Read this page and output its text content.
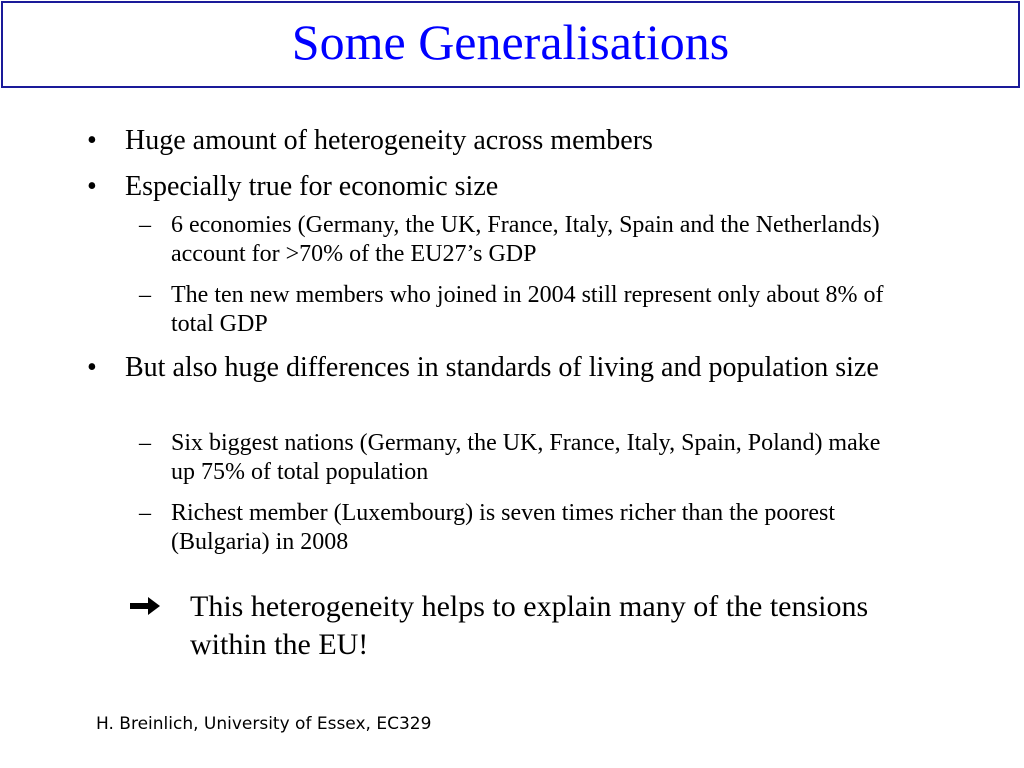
Some Generalisations
• Huge amount of heterogeneity across members
• Especially true for economic size
– 6 economies (Germany, the UK, France, Italy, Spain and the Netherlands) account for >70% of the EU27’s GDP
– The ten new members who joined in 2004 still represent only about 8% of total GDP
• But also huge differences in standards of living and population size
– Six biggest nations (Germany, the UK, France, Italy, Spain, Poland) make up 75% of total population
– Richest member (Luxembourg) is seven times richer than the poorest (Bulgaria) in 2008
This heterogeneity helps to explain many of the tensions within the EU!
H. Breinlich, University of Essex, EC329
